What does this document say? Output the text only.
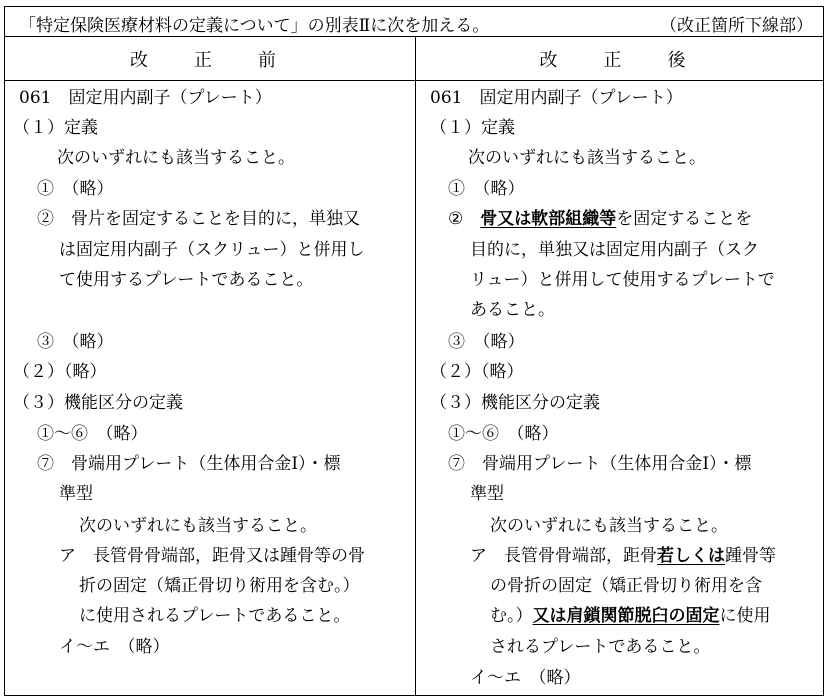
「特定保険医療材料の定義について」の別表Ⅱに次を加える。	（改正箇所下線部）
改　正　前	改　正　後
061　固定用内副子（プレート）
（１）定義
次のいずれにも該当すること。
①　（略）
②　骨片を固定することを目的に，単独又
は固定用内副子（スクリュー）と併用し
て使用するプレートであること。
③　（略）
（２）（略）
（３）機能区分の定義
①～⑥　（略）
⑦　骨端用プレート（生体用合金Ⅰ）・標
準型
次のいずれにも該当すること。
ア　長管骨骨端部，距骨又は踵骨等の骨
折の固定（矯正骨切り術用を含む。）
に使用されるプレートであること。
イ～エ　（略）
061　固定用内副子（プレート）
（１）定義
次のいずれにも該当すること。
①　（略）
②　骨又は軟部組織等を固定することを
目的に，単独又は固定用内副子（スク
リュー）と併用して使用するプレートで
あること。
③　（略）
（２）（略）
（３）機能区分の定義
①～⑥　（略）
⑦　骨端用プレート（生体用合金Ⅰ）・標
準型
次のいずれにも該当すること。
ア　長管骨骨端部，距骨若しくは踵骨等
の骨折の固定（矯正骨切り術用を含
む。）又は肩鎖関節脱臼の固定に使用
されるプレートであること。
イ～エ　（略）
